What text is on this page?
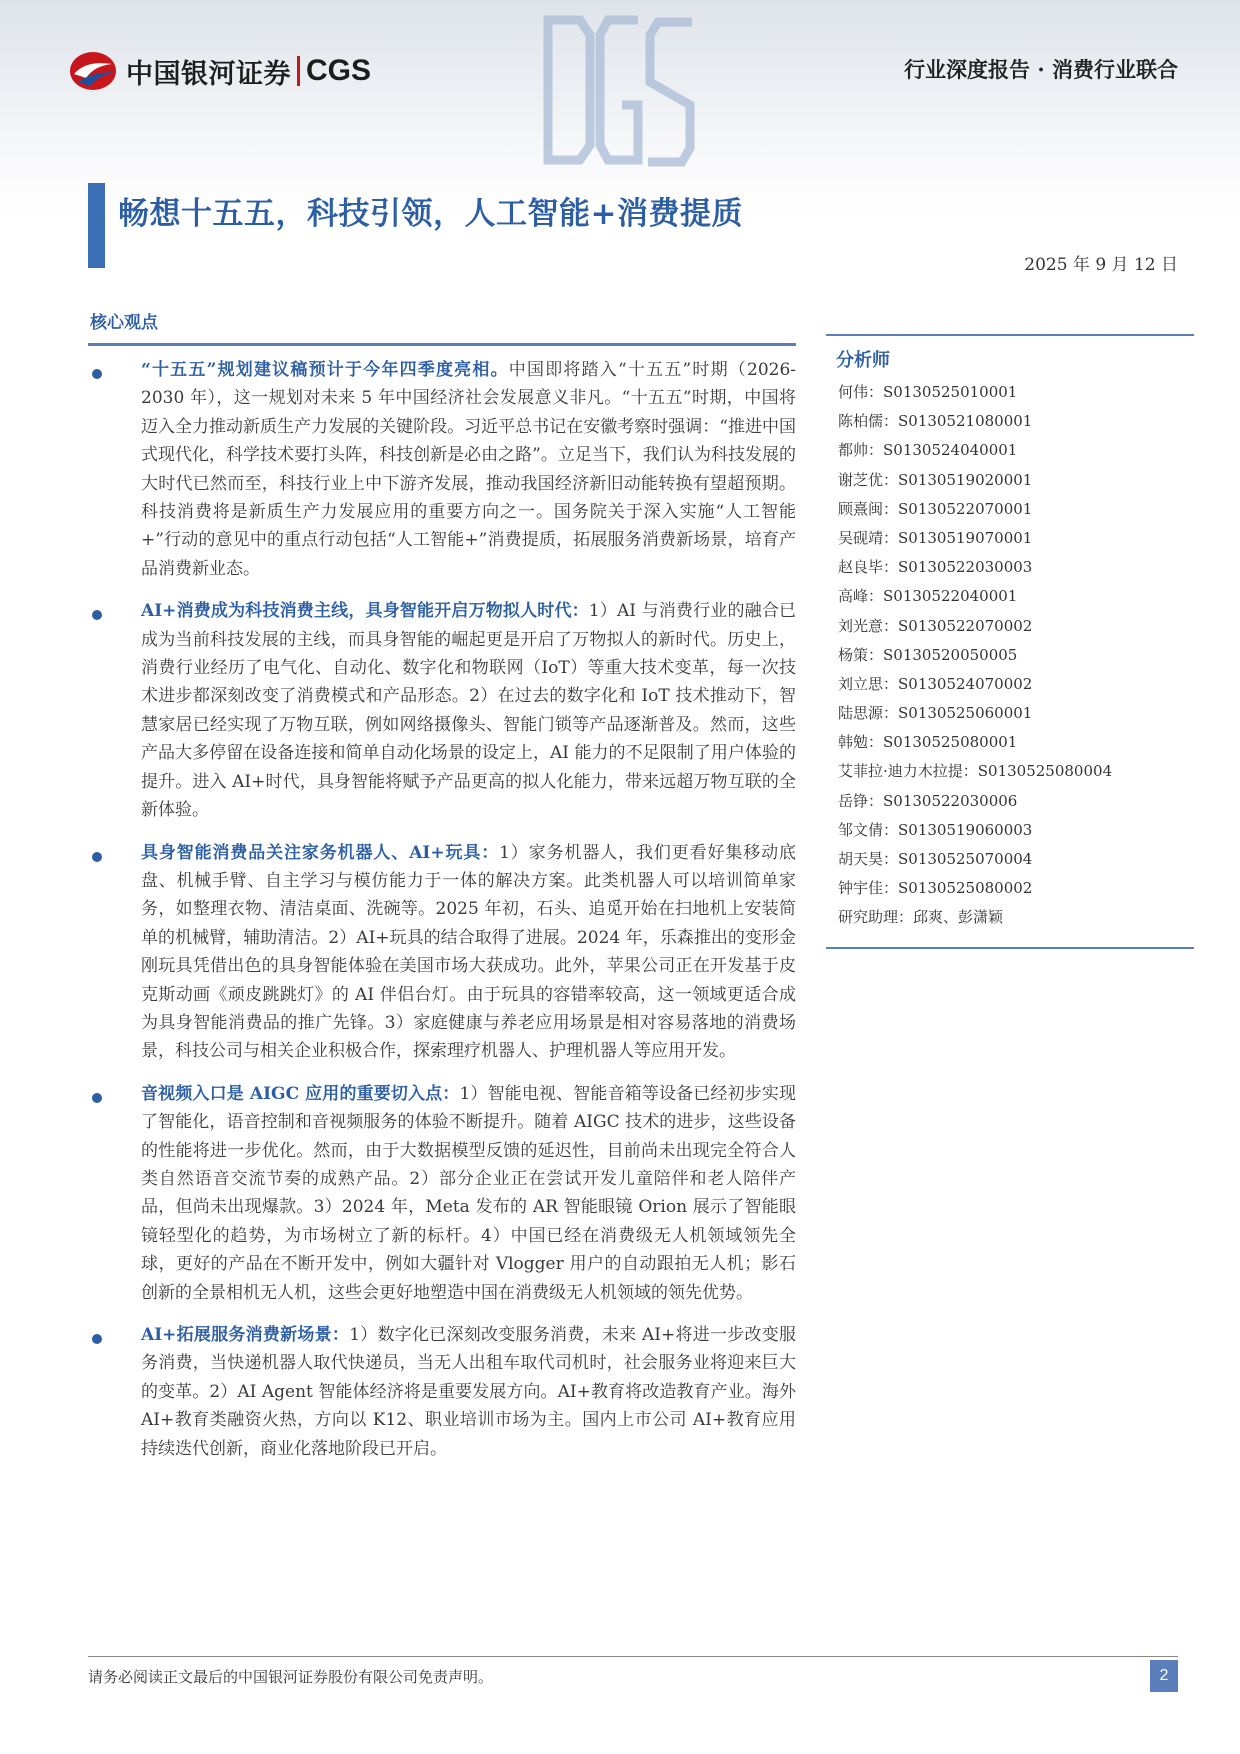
中国银河证券 CGS	行业深度报告 · 消费行业联合
畅想十五五，科技引领，人工智能+消费提质
2025 年 9 月 12 日
核心观点
“十五五”规划建议稿预计于今年四季度亮相。中国即将踏入“十五五”时期（2026-2030 年），这一规划对未来 5 年中国经济社会发展意义非凡。“十五五”时期，中国将迈入全力推动新质生产力发展的关键阶段。习近平总书记在安徽考察时强调：“推进中国式现代化，科学技术要打头阵，科技创新是必由之路”。立足当下，我们认为科技发展的大时代已然而至，科技行业上中下游齐发展，推动我国经济新旧动能转换有望超预期。科技消费将是新质生产力发展应用的重要方向之一。国务院关于深入实施“人工智能+”行动的意见中的重点行动包括“人工智能+”消费提质，拓展服务消费新场景，培育产品消费新业态。
AI+消费成为科技消费主线，具身智能开启万物拟人时代：1）AI 与消费行业的融合已成为当前科技发展的主线，而具身智能的崛起更是开启了万物拟人的新时代。历史上，消费行业经历了电气化、自动化、数字化和物联网（IoT）等重大技术变革，每一次技术进步都深刻改变了消费模式和产品形态。2）在过去的数字化和 IoT 技术推动下，智慧家居已经实现了万物互联，例如网络摄像头、智能门锁等产品逐渐普及。然而，这些产品大多停留在设备连接和简单自动化场景的设定上，AI 能力的不足限制了用户体验的提升。进入 AI+时代，具身智能将赋予产品更高的拟人化能力，带来远超万物互联的全新体验。
具身智能消费品关注家务机器人、AI+玩具：1）家务机器人，我们更看好集移动底盘、机械手臂、自主学习与模仿能力于一体的解决方案。此类机器人可以培训简单家务，如整理衣物、清洁桌面、洗碗等。2025 年初，石头、追觅开始在扫地机上安装简单的机械臂，辅助清洁。2）AI+玩具的结合取得了进展。2024 年，乐森推出的变形金刚玩具凭借出色的具身智能体验在美国市场大获成功。此外，苹果公司正在开发基于皮克斯动画《顽皮跳跳灯》的 AI 伴侣台灯。由于玩具的容错率较高，这一领域更适合成为具身智能消费品的推广先锋。3）家庭健康与养老应用场景是相对容易落地的消费场景，科技公司与相关企业积极合作，探索理疗机器人、护理机器人等应用开发。
音视频入口是 AIGC 应用的重要切入点：1）智能电视、智能音箱等设备已经初步实现了智能化，语音控制和音视频服务的体验不断提升。随着 AIGC 技术的进步，这些设备的性能将进一步优化。然而，由于大数据模型反馈的延迟性，目前尚未出现完全符合人类自然语音交流节奏的成熟产品。2）部分企业正在尝试开发儿童陪伴和老人陪伴产品，但尚未出现爆款。3）2024 年，Meta 发布的 AR 智能眼镜 Orion 展示了智能眼镜轻型化的趋势，为市场树立了新的标杆。4）中国已经在消费级无人机领域领先全球，更好的产品在不断开发中，例如大疆针对 Vlogger 用户的自动跟拍无人机；影石创新的全景相机无人机，这些会更好地塑造中国在消费级无人机领域的领先优势。
AI+拓展服务消费新场景：1）数字化已深刻改变服务消费，未来 AI+将进一步改变服务消费，当快递机器人取代快递员，当无人出租车取代司机时，社会服务业将迎来巨大的变革。2）AI Agent 智能体经济将是重要发展方向。AI+教育将改造教育产业。海外 AI+教育类融资火热，方向以 K12、职业培训市场为主。国内上市公司 AI+教育应用持续迭代创新，商业化落地阶段已开启。
分析师
何伟：S0130525010001
陈柏儒：S0130521080001
都帅：S0130524040001
谢芝优：S0130519020001
顾熹闽：S0130522070001
吴砚靖：S0130519070001
赵良毕：S0130522030003
高峰：S0130522040001
刘光意：S0130522070002
杨策：S0130520050005
刘立思：S0130524070002
陆思源：S0130525060001
韩勉：S0130525080001
艾菲拉·迪力木拉提：S0130525080004
岳铮：S0130522030006
邹文倩：S0130519060003
胡天昊：S0130525070004
钟宇佳：S0130525080002
研究助理：邱爽、彭潇颖
请务必阅读正文最后的中国银河证券股份有限公司免责声明。	2
